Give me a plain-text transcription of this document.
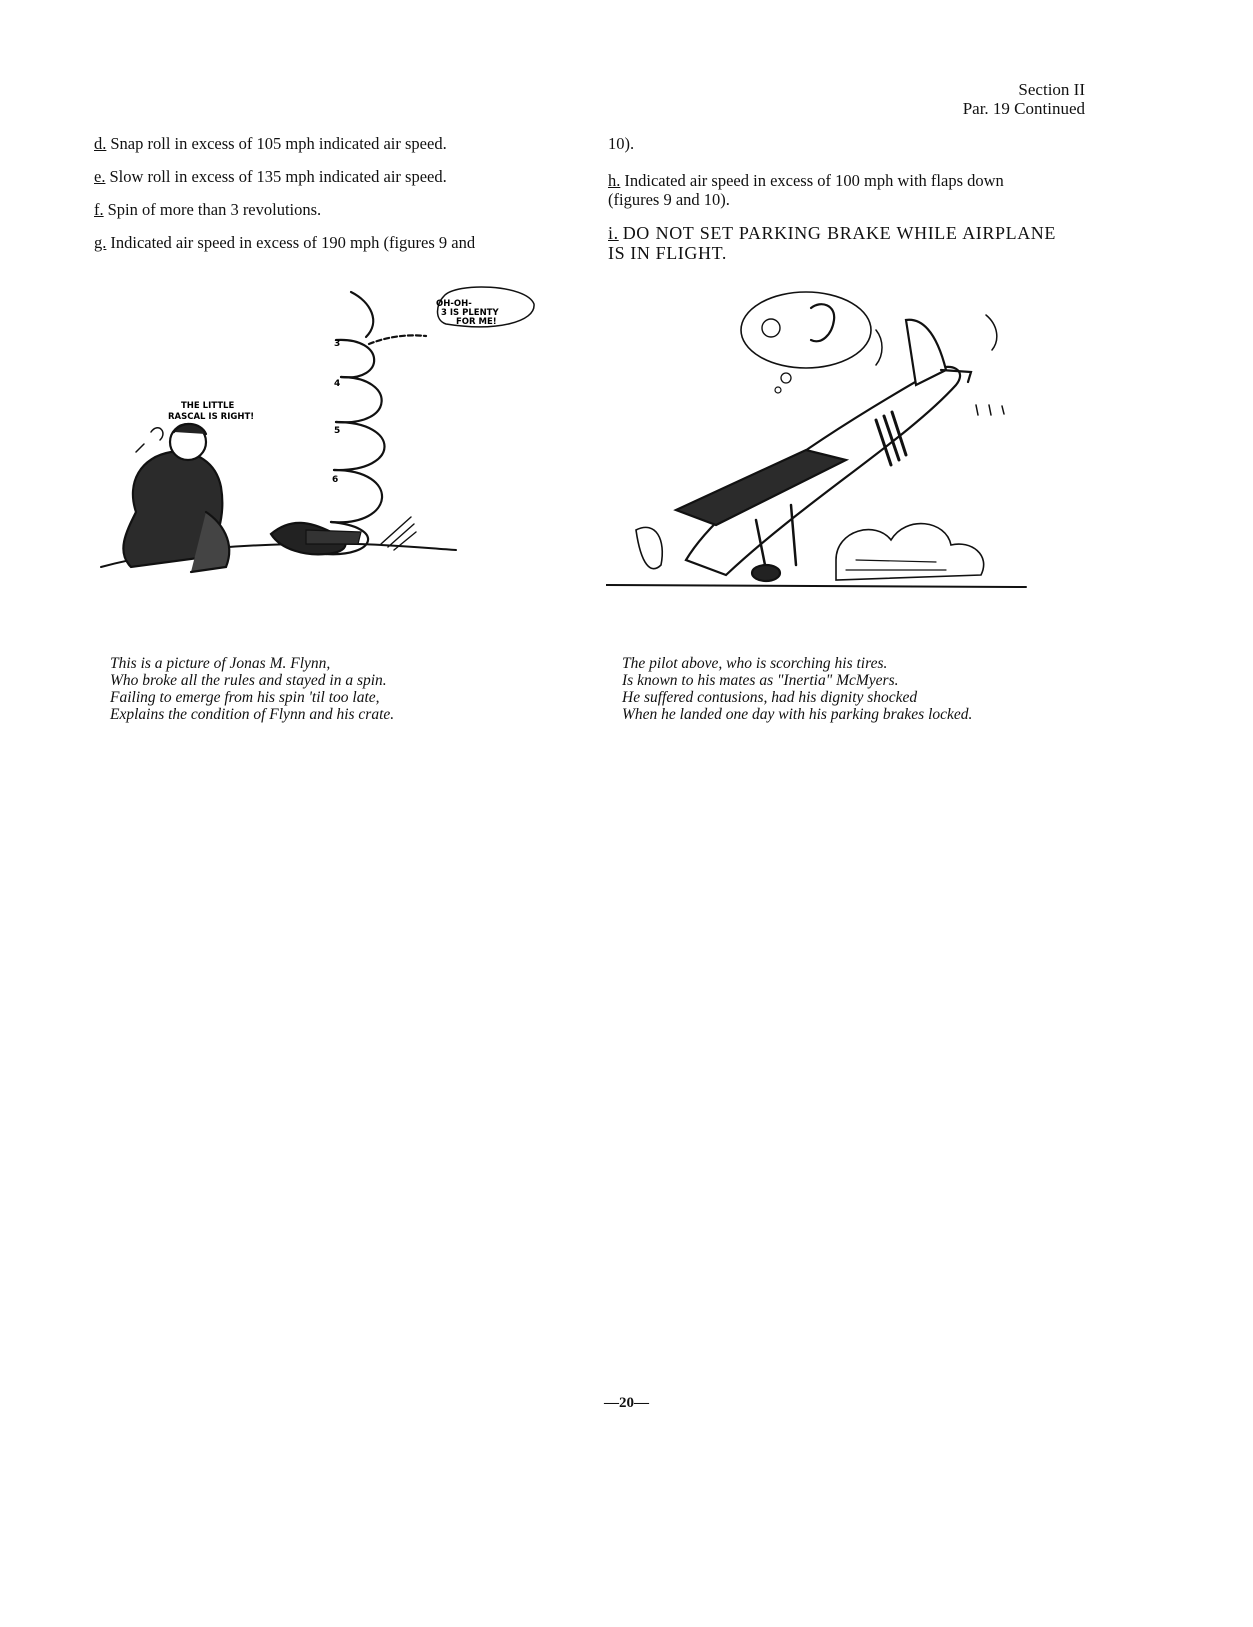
Section II
Par. 19 Continued
d. Snap roll in excess of 105 mph indicated air speed.
e. Slow roll in excess of 135 mph indicated air speed.
f. Spin of more than 3 revolutions.
g. Indicated air speed in excess of 190 mph (figures 9 and
10).
h. Indicated air speed in excess of 100 mph with flaps down (figures 9 and 10).
i. DO NOT SET PARKING BRAKE WHILE AIRPLANE IS IN FLIGHT.
OH-OH-
3 IS PLENTY
FOR ME!
THE LITTLE
RASCAL IS RIGHT!
3
4
5
6
This is a picture of Jonas M. Flynn,
Who broke all the rules and stayed in a spin.
Failing to emerge from his spin 'til too late,
Explains the condition of Flynn and his crate.
The pilot above, who is scorching his tires.
Is known to his mates as "Inertia" McMyers.
He suffered contusions, had his dignity shocked
When he landed one day with his parking brakes locked.
—20—
